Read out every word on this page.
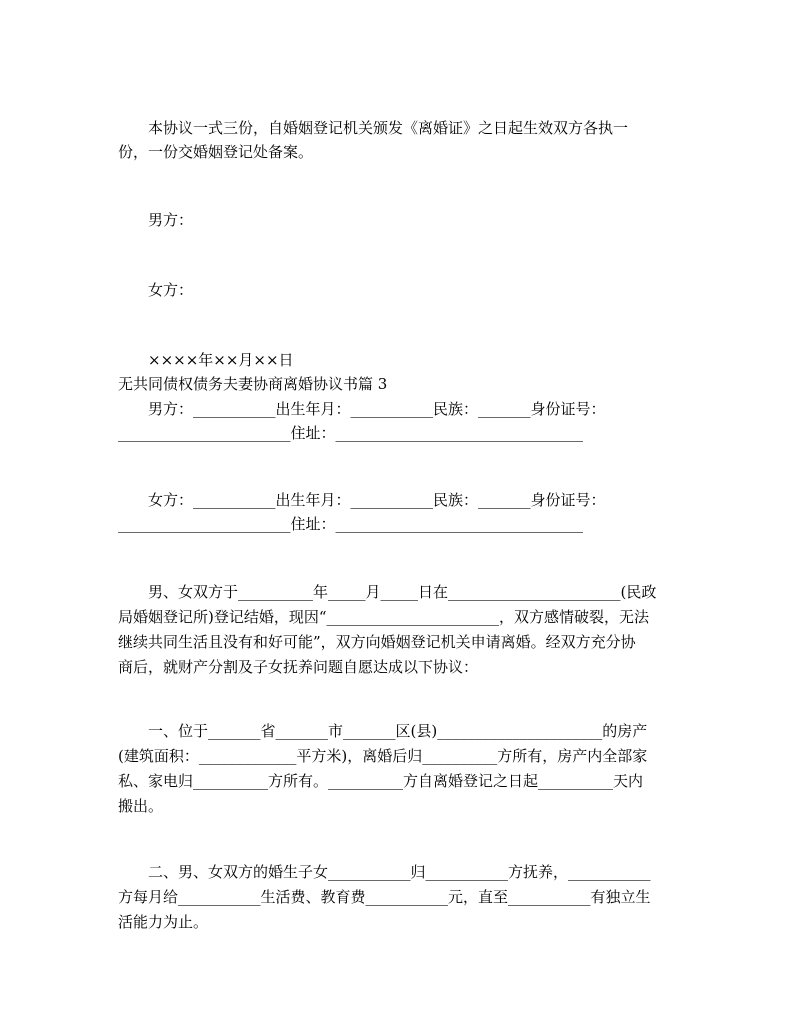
本协议一式三份，自婚姻登记机关颁发《离婚证》之日起生效双方各执一
份，一份交婚姻登记处备案。
男方：
女方：
××××年××月××日
无共同债权债务夫妻协商离婚协议书篇 3
男方：___________出生年月：___________民族：_______身份证号：
_______________________住址：_________________________________
女方：___________出生年月：___________民族：_______身份证号：
_______________________住址：_________________________________
男、女双方于__________年_____月_____日在_______________________(民政
局婚姻登记所)登记结婚，现因“_______________________，双方感情破裂，无法
继续共同生活且没有和好可能”，双方向婚姻登记机关申请离婚。经双方充分协
商后，就财产分割及子女抚养问题自愿达成以下协议：
一、位于_______省_______市_______区(县)______________________的房产
(建筑面积：_____________平方米)，离婚后归__________方所有，房产内全部家
私、家电归__________方所有。__________方自离婚登记之日起__________天内
搬出。
二、男、女双方的婚生子女___________归___________方抚养，___________
方每月给___________生活费、教育费___________元，直至___________有独立生
活能力为止。
